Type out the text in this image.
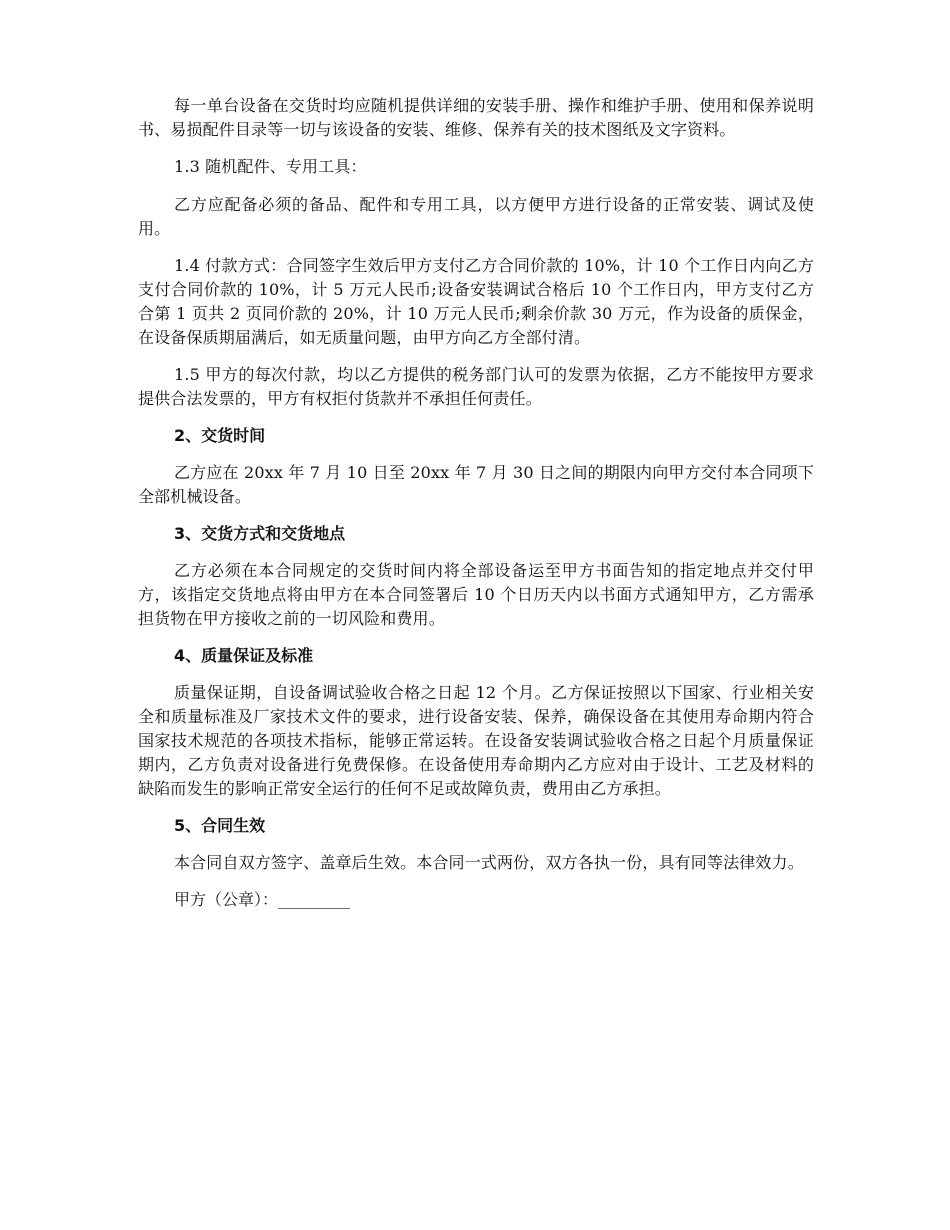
每一单台设备在交货时均应随机提供详细的安装手册、操作和维护手册、使用和保养说明书、易损配件目录等一切与该设备的安装、维修、保养有关的技术图纸及文字资料。

1.3 随机配件、专用工具：

乙方应配备必须的备品、配件和专用工具，以方便甲方进行设备的正常安装、调试及使用。

1.4 付款方式：合同签字生效后甲方支付乙方合同价款的 10%，计 10 个工作日内向乙方支付合同价款的 10%，计 5 万元人民币;设备安装调试合格后 10 个工作日内，甲方支付乙方合第 1 页共 2 页同价款的 20%，计 10 万元人民币;剩余价款 30 万元，作为设备的质保金，在设备保质期届满后，如无质量问题，由甲方向乙方全部付清。

1.5 甲方的每次付款，均以乙方提供的税务部门认可的发票为依据，乙方不能按甲方要求提供合法发票的，甲方有权拒付货款并不承担任何责任。

2、交货时间

乙方应在 20xx 年 7 月 10 日至 20xx 年 7 月 30 日之间的期限内向甲方交付本合同项下全部机械设备。

3、交货方式和交货地点

乙方必须在本合同规定的交货时间内将全部设备运至甲方书面告知的指定地点并交付甲方，该指定交货地点将由甲方在本合同签署后 10 个日历天内以书面方式通知甲方，乙方需承担货物在甲方接收之前的一切风险和费用。

4、质量保证及标准

质量保证期，自设备调试验收合格之日起 12 个月。乙方保证按照以下国家、行业相关安全和质量标准及厂家技术文件的要求，进行设备安装、保养，确保设备在其使用寿命期内符合国家技术规范的各项技术指标，能够正常运转。在设备安装调试验收合格之日起个月质量保证期内，乙方负责对设备进行免费保修。在设备使用寿命期内乙方应对由于设计、工艺及材料的缺陷而发生的影响正常安全运行的任何不足或故障负责，费用由乙方承担。

5、合同生效

本合同自双方签字、盖章后生效。本合同一式两份，双方各执一份，具有同等法律效力。

甲方（公章）：_________
